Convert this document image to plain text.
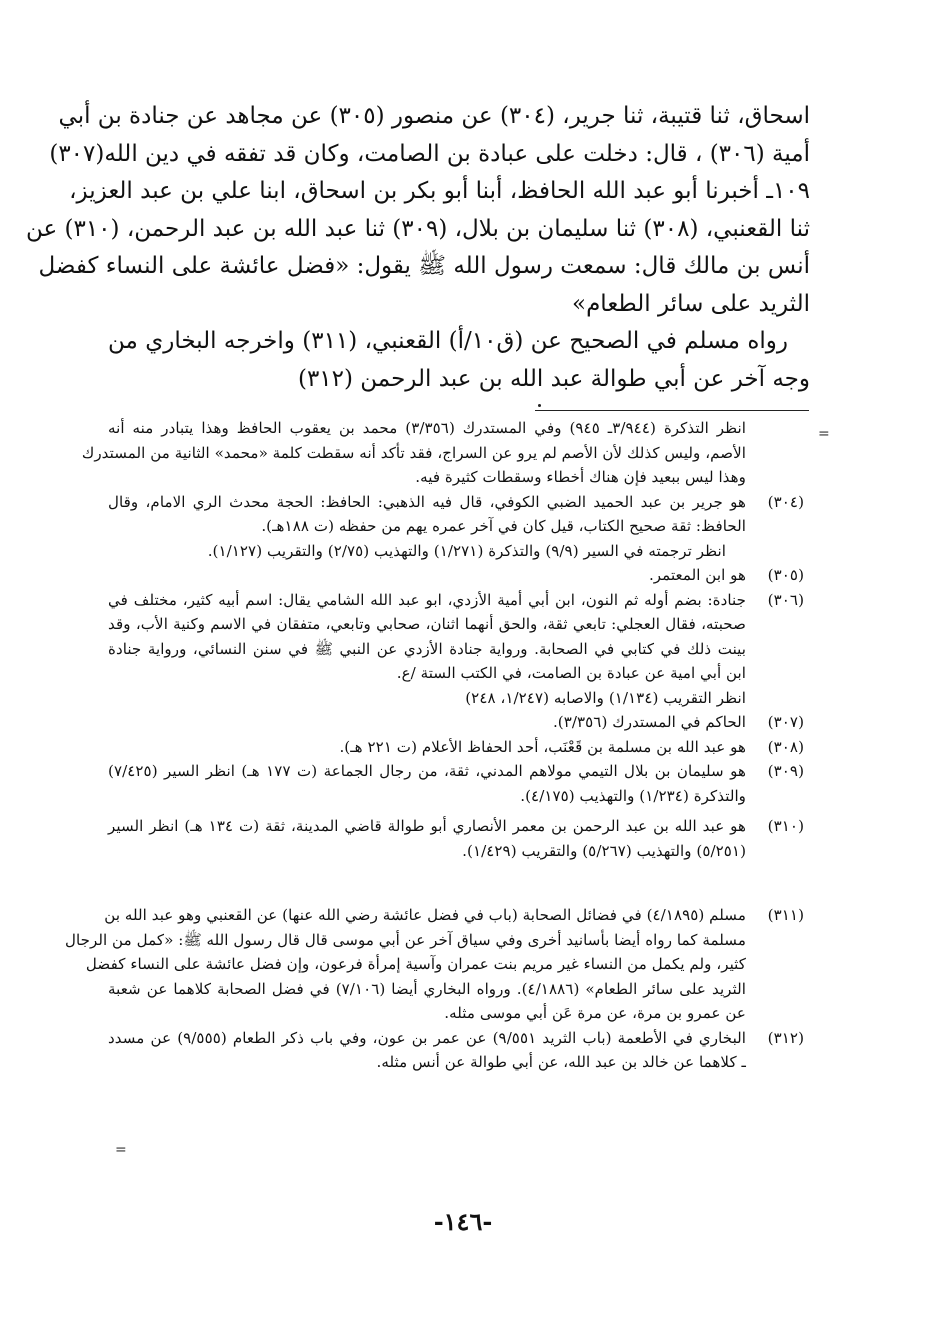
اسحاق، ثنا قتيبة، ثنا جرير، (٣٠٤) عن منصور (٣٠٥) عن مجاهد عن جنادة بن أبي
أمية (٣٠٦) ، قال: دخلت على عبادة بن الصامت، وكان قد تفقه في دين الله(٣٠٧)
١٠٩ـ أخبرنا أبو عبد الله الحافظ، أبنا أبو بكر بن اسحاق، ابنا علي بن عبد العزيز،
ثنا القعنبي، (٣٠٨) ثنا سليمان بن بلال، (٣٠٩) ثنا عبد الله بن عبد الرحمن، (٣١٠) عن
أنس بن مالك قال: سمعت رسول الله ﷺ يقول: «فضل عائشة على النساء كفضل
الثريد على سائر الطعام»
رواه مسلم في الصحيح عن (ق١٠/أ) القعنبي، (٣١١) واخرجه البخاري من
وجه آخر عن أبي طوالة عبد الله بن عبد الرحمن (٣١٢)
=
انظر التذكرة (٣/٩٤٤ـ ٩٤٥) وفي المستدرك (٣/٣٥٦) محمد بن يعقوب الحافظ وهذا يتبادر منه أنه
الأصم، وليس كذلك لأن الأصم لم يرو عن السراج، فقد تأكد أنه سقطت كلمة «محمد» الثانية من المستدرك
وهذا ليس ببعيد فإن هناك أخطاء وسقطات كثيرة فيه.
(٣٠٤)
هو جرير بن عبد الحميد الضبي الكوفي، قال فيه الذهبي: الحافظ: الحجة محدث الري الامام، وقال
الحافظ: ثقة صحيح الكتاب، قيل كان في آخر عمره يهم من حفظه (ت ١٨٨هـ).
انظر ترجمته في السير (٩/٩) والتذكرة (١/٢٧١) والتهذيب (٢/٧٥) والتقريب (١/١٢٧).
(٣٠٥)
هو ابن المعتمر.
(٣٠٦)
جنادة: بضم أوله ثم النون، ابن أبي أمية الأزدي، ابو عبد الله الشامي يقال: اسم أبيه كثير، مختلف في
صحبته، فقال العجلي: تابعي ثقة، والحق أنهما اثنان، صحابي وتابعي، متفقان في الاسم وكنية الأب، وقد
بينت ذلك في كتابي في الصحابة. ورواية جنادة الأزدي عن النبي ﷺ في سنن النسائي، ورواية جنادة
ابن أبي امية عن عبادة بن الصامت، في الكتب الستة /ع.
انظر التقريب (١/١٣٤) والاصابه (١/٢٤٧، ٢٤٨)
(٣٠٧)
الحاكم في المستدرك (٣/٣٥٦).
(٣٠٨)
هو عبد الله بن مسلمة بن قَعْنَب، أحد الحفاظ الأعلام (ت ٢٢١ هـ).
(٣٠٩)
هو سليمان بن بلال التيمي مولاهم المدني، ثقة، من رجال الجماعة (ت ١٧٧ هـ) انظر السير (٧/٤٢٥)
والتذكرة (١/٢٣٤) والتهذيب (٤/١٧٥).
(٣١٠)
هو عبد الله بن عبد الرحمن بن معمر الأنصاري أبو طوالة قاضي المدينة، ثقة (ت ١٣٤ هـ) انظر السير
(٥/٢٥١) والتهذيب (٥/٢٦٧) والتقريب (١/٤٢٩).
(٣١١)
مسلم (٤/١٨٩٥) في فضائل الصحابة (باب في فضل عائشة رضي الله عنها) عن القعنبي وهو عبد الله بن
مسلمة كما رواه أيضا بأسانيد أخرى وفي سياق آخر عن أبي موسى قال قال رسول الله ﷺ: «كمل من الرجال
كثير، ولم يكمل من النساء غير مريم بنت عمران وآسية إمرأة فرعون، وإن فضل عائشة على النساء كفضل
الثريد على سائر الطعام» (٤/١٨٨٦). ورواه البخاري أيضا (٧/١٠٦) في فضل الصحابة كلاهما عن شعبة
عن عمرو بن مرة، عن مرة عَن أبي موسى مثله.
(٣١٢)
البخاري في الأطعمة (باب الثريد ٩/٥٥١) عن عمر بن عون، وفي باب ذكر الطعام (٩/٥٥٥) عن مسدد
ـ كلاهما عن خالد بن عبد الله، عن أبي طوالة عن أنس مثله.
=
-١٤٦-
